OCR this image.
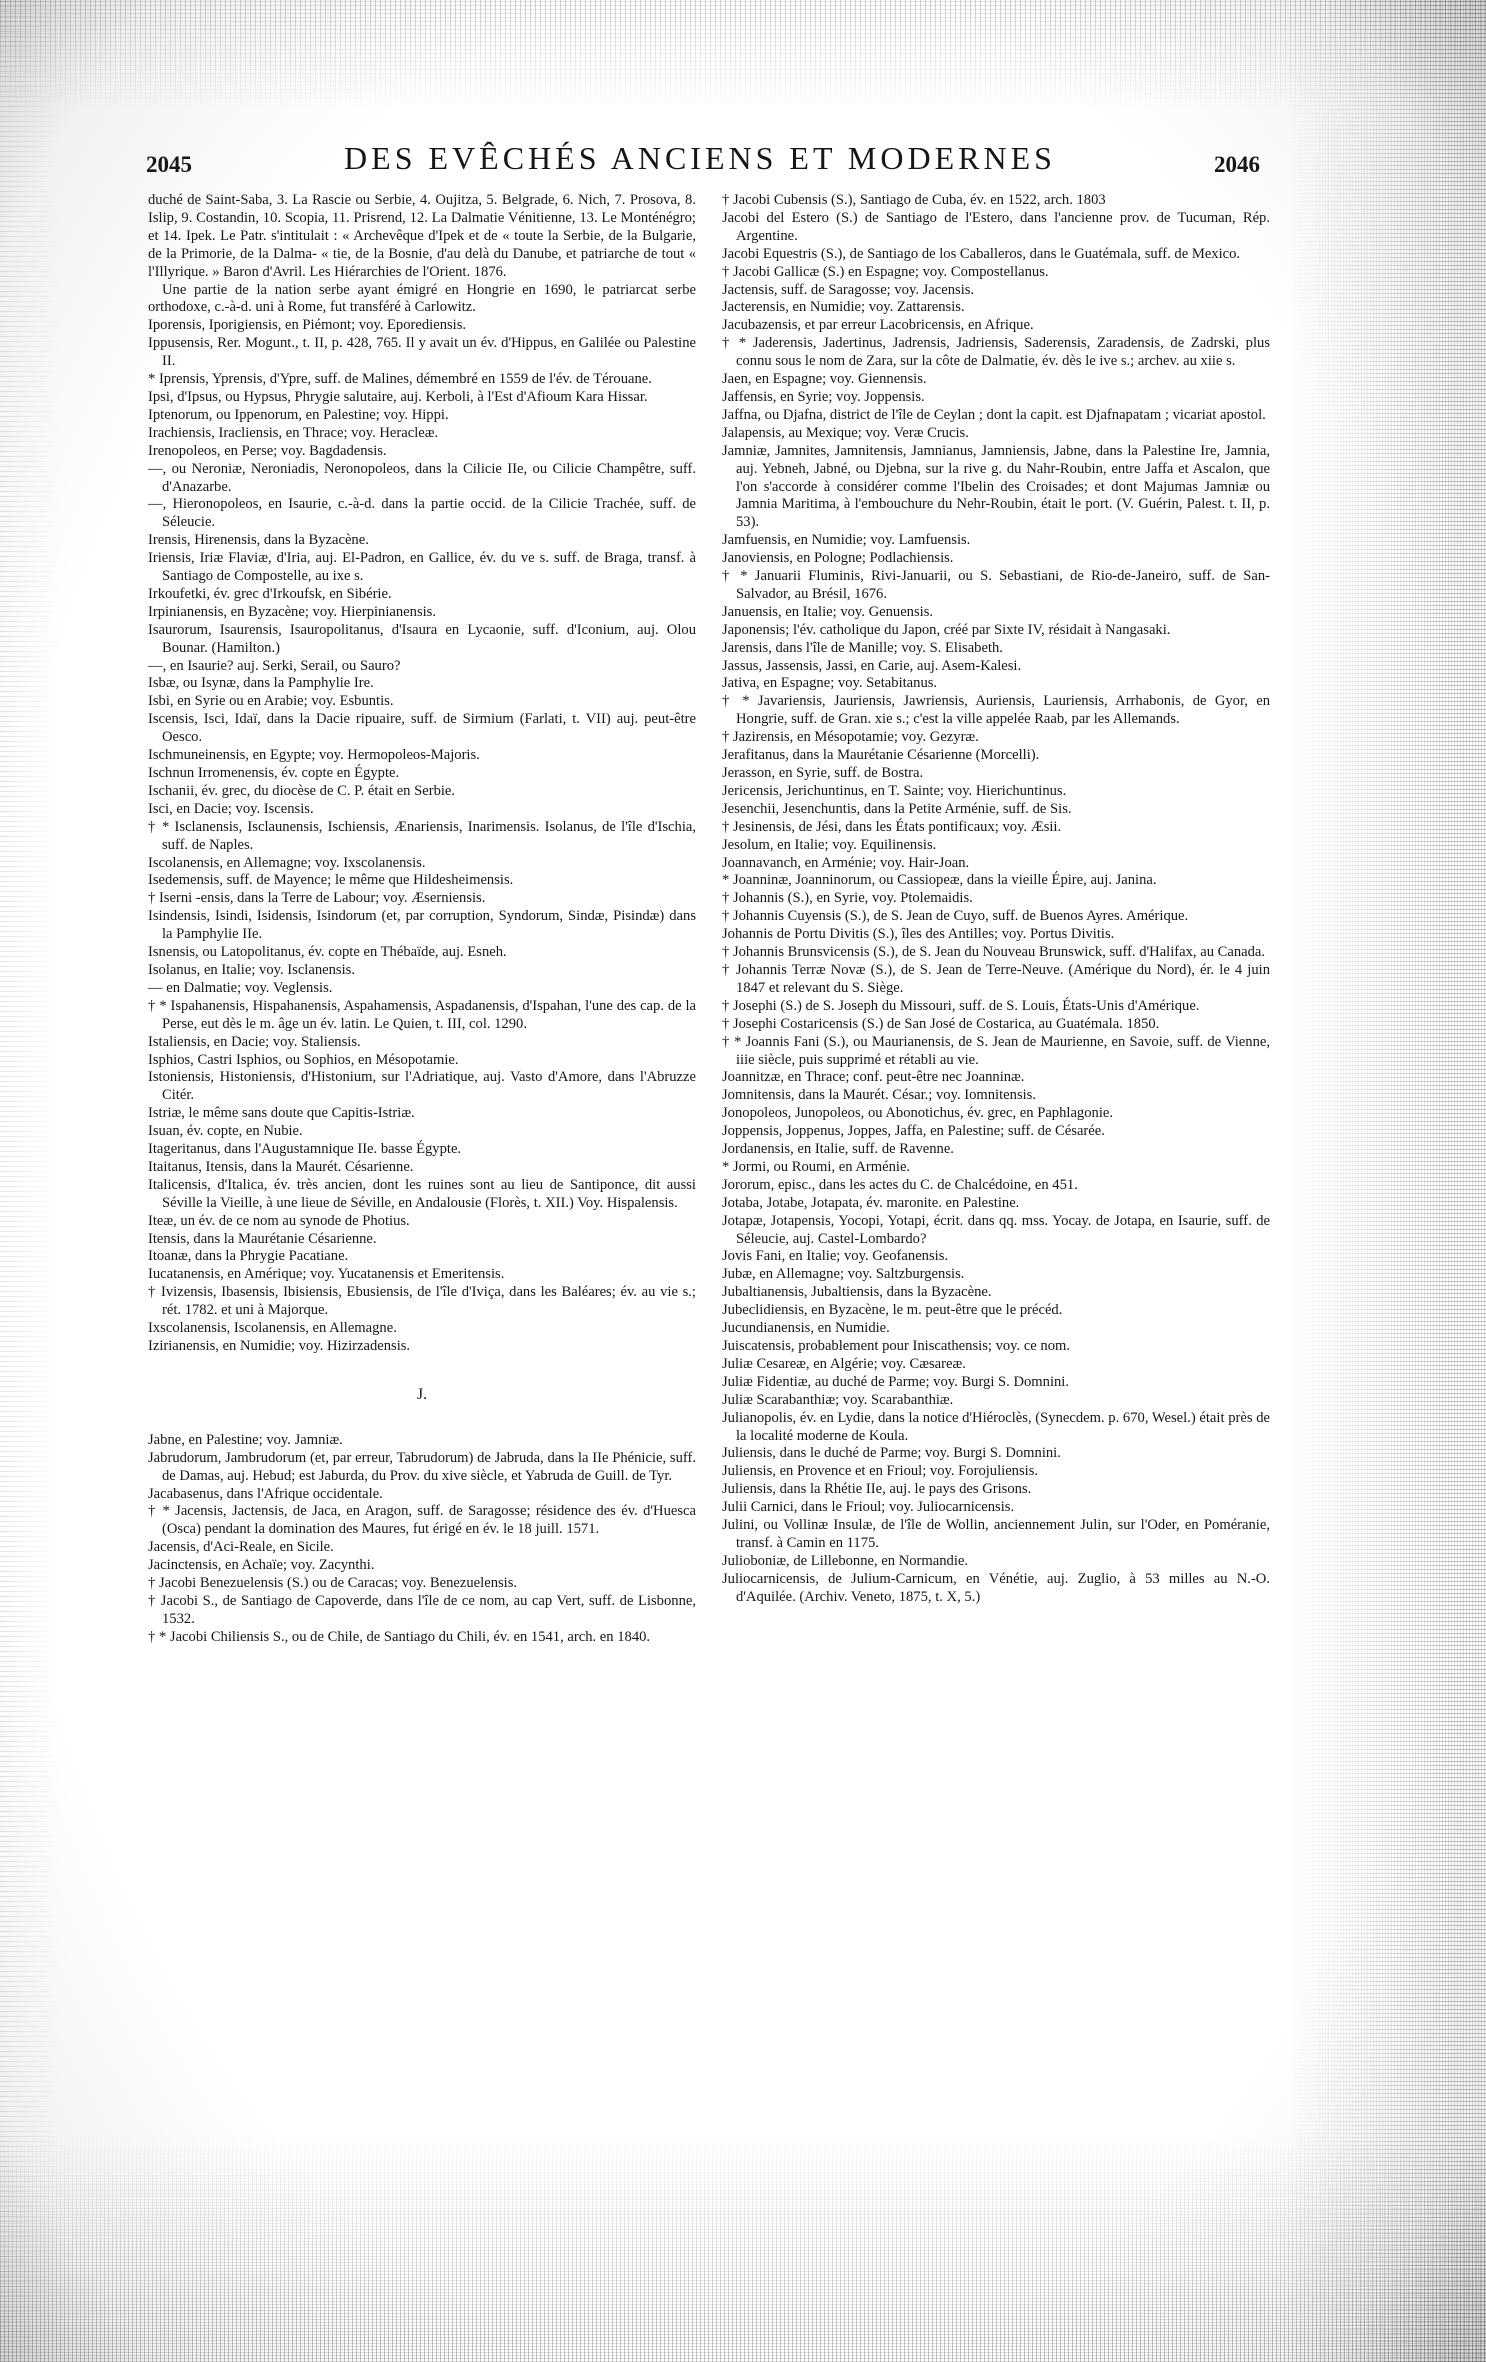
2045	DES EVÊCHÉS ANCIENS ET MODERNES	2046

duché de Saint-Saba, 3. La Rascie ou Serbie, 4. Oujitza, 5. Belgrade, 6. Nich, 7. Prosova, 8. Islip, 9. Costandin, 10. Scopia, 11. Prisrend, 12. La Dalmatie Vénitienne, 13. Le Monténégro; et 14. Ipek. Le Patr. s'intitulait : « Archevêque d'Ipek et de « toute la Serbie, de la Bulgarie, de la Primorie, de la Dalma- « tie, de la Bosnie, d'au delà du Danube, et patriarche de tout « l'Illyrique. » Baron d'Avril. Les Hiérarchies de l'Orient. 1876.

Une partie de la nation serbe ayant émigré en Hongrie en 1690, le patriarcat serbe orthodoxe, c.-à-d. uni à Rome, fut transféré à Carlowitz.

Iporensis, Iporigiensis, en Piémont; voy. Eporediensis.

Ippusensis, Rer. Mogunt., t. II, p. 428, 765. Il y avait un év. d'Hippus, en Galilée ou Palestine II.

* Iprensis, Yprensis, d'Ypre, suff. de Malines, démembré en 1559 de l'év. de Térouane.

Ipsi, d'Ipsus, ou Hypsus, Phrygie salutaire, auj. Kerboli, à l'Est d'Afioum Kara Hissar.

Iptenorum, ou Ippenorum, en Palestine; voy. Hippi.

Irachiensis, Iracliensis, en Thrace; voy. Heracleæ.

Irenopoleos, en Perse; voy. Bagdadensis.

—, ou Neroniæ, Neroniadis, Neronopoleos, dans la Cilicie IIe, ou Cilicie Champêtre, suff. d'Anazarbe.

—, Hieronopoleos, en Isaurie, c.-à-d. dans la partie occid. de la Cilicie Trachée, suff. de Séleucie.

Irensis, Hirenensis, dans la Byzacène.

Iriensis, Iriæ Flaviæ, d'Iria, auj. El-Padron, en Gallice, év. du ve s. suff. de Braga, transf. à Santiago de Compostelle, au ixe s.

Irkoufetki, év. grec d'Irkoufsk, en Sibérie.

Irpinianensis, en Byzacène; voy. Hierpinianensis.

Isaurorum, Isaurensis, Isauropolitanus, d'Isaura en Lycaonie, suff. d'Iconium, auj. Olou Bounar. (Hamilton.)

—, en Isaurie? auj. Serki, Serail, ou Sauro?

Isbæ, ou Isynæ, dans la Pamphylie Ire.

Isbi, en Syrie ou en Arabie; voy. Esbuntis.

Iscensis, Isci, Idaï, dans la Dacie ripuaire, suff. de Sirmium (Farlati, t. VII) auj. peut-être Oesco.

Ischmuneinensis, en Egypte; voy. Hermopoleos-Majoris.

Ischnun Irromenensis, év. copte en Égypte.

Ischanii, év. grec, du diocèse de C. P. était en Serbie.

Isci, en Dacie; voy. Iscensis.

† * Isclanensis, Isclaunensis, Ischiensis, Ænariensis, Inarimensis. Isolanus, de l'île d'Ischia, suff. de Naples.

Iscolanensis, en Allemagne; voy. Ixscolanensis.

Isedemensis, suff. de Mayence; le même que Hildesheimensis.

† Iserni -ensis, dans la Terre de Labour; voy. Æserniensis.

Isindensis, Isindi, Isidensis, Isindorum (et, par corruption, Syndorum, Sindæ, Pisindæ) dans la Pamphylie IIe.

Isnensis, ou Latopolitanus, év. copte en Thébaïde, auj. Esneh.

Isolanus, en Italie; voy. Isclanensis.

— en Dalmatie; voy. Veglensis.

† * Ispahanensis, Hispahanensis, Aspahamensis, Aspadanensis, d'Ispahan, l'une des cap. de la Perse, eut dès le m. âge un év. latin. Le Quien, t. III, col. 1290.

Istaliensis, en Dacie; voy. Staliensis.

Isphios, Castri Isphios, ou Sophios, en Mésopotamie.

Istoniensis, Histoniensis, d'Histonium, sur l'Adriatique, auj. Vasto d'Amore, dans l'Abruzze Citér.

Istriæ, le même sans doute que Capitis-Istriæ.

Isuan, év. copte, en Nubie.

Itageritanus, dans l'Augustamnique IIe. basse Égypte.

Itaitanus, Itensis, dans la Maurét. Césarienne.

Italicensis, d'Italica, év. très ancien, dont les ruines sont au lieu de Santiponce, dit aussi Séville la Vieille, à une lieue de Séville, en Andalousie (Florès, t. XII.) Voy. Hispalensis.

Iteæ, un év. de ce nom au synode de Photius.

Itensis, dans la Maurétanie Césarienne.

Itoanæ, dans la Phrygie Pacatiane.

Iucatanensis, en Amérique; voy. Yucatanensis et Emeritensis.

† Ivizensis, Ibasensis, Ibisiensis, Ebusiensis, de l'île d'Iviça, dans les Baléares; év. au vie s.; rét. 1782. et uni à Majorque.

Ixscolanensis, Iscolanensis, en Allemagne.

Izirianensis, en Numidie; voy. Hizirzadensis.

J.

Jabne, en Palestine; voy. Jamniæ.

Jabrudorum, Jambrudorum (et, par erreur, Tabrudorum) de Jabruda, dans la IIe Phénicie, suff. de Damas, auj. Hebud; est Jaburda, du Prov. du xive siècle, et Yabruda de Guill. de Tyr.

Jacabasenus, dans l'Afrique occidentale.

† * Jacensis, Jactensis, de Jaca, en Aragon, suff. de Saragosse; résidence des év. d'Huesca (Osca) pendant la domination des Maures, fut érigé en év. le 18 juill. 1571.

Jacensis, d'Aci-Reale, en Sicile.

Jacinctensis, en Achaïe; voy. Zacynthi.

† Jacobi Benezuelensis (S.) ou de Caracas; voy. Benezuelensis.

† Jacobi S., de Santiago de Capoverde, dans l'île de ce nom, au cap Vert, suff. de Lisbonne, 1532.

† * Jacobi Chiliensis S., ou de Chile, de Santiago du Chili, év. en 1541, arch. en 1840.

† Jacobi Cubensis (S.), Santiago de Cuba, év. en 1522, arch. 1803

Jacobi del Estero (S.) de Santiago de l'Estero, dans l'ancienne prov. de Tucuman, Rép. Argentine.

Jacobi Equestris (S.), de Santiago de los Caballeros, dans le Guatémala, suff. de Mexico.

† Jacobi Gallicæ (S.) en Espagne; voy. Compostellanus.

Jactensis, suff. de Saragosse; voy. Jacensis.

Jacterensis, en Numidie; voy. Zattarensis.

Jacubazensis, et par erreur Lacobricensis, en Afrique.

† * Jaderensis, Jadertinus, Jadrensis, Jadriensis, Saderensis, Zaradensis, de Zadrski, plus connu sous le nom de Zara, sur la côte de Dalmatie, év. dès le ive s.; archev. au xiie s.

Jaen, en Espagne; voy. Giennensis.

Jaffensis, en Syrie; voy. Joppensis.

Jaffna, ou Djafna, district de l'île de Ceylan ; dont la capit. est Djafnapatam ; vicariat apostol.

Jalapensis, au Mexique; voy. Veræ Crucis.

Jamniæ, Jamnites, Jamnitensis, Jamnianus, Jamniensis, Jabne, dans la Palestine Ire, Jamnia, auj. Yebneh, Jabné, ou Djebna, sur la rive g. du Nahr-Roubin, entre Jaffa et Ascalon, que l'on s'accorde à considérer comme l'Ibelin des Croisades; et dont Majumas Jamniæ ou Jamnia Maritima, à l'embouchure du Nehr-Roubin, était le port. (V. Guérin, Palest. t. II, p. 53).

Jamfuensis, en Numidie; voy. Lamfuensis.

Janoviensis, en Pologne; Podlachiensis.

† * Januarii Fluminis, Rivi-Januarii, ou S. Sebastiani, de Rio-de-Janeiro, suff. de San-Salvador, au Brésil, 1676.

Januensis, en Italie; voy. Genuensis.

Japonensis; l'év. catholique du Japon, créé par Sixte IV, résidait à Nangasaki.

Jarensis, dans l'île de Manille; voy. S. Elisabeth.

Jassus, Jassensis, Jassi, en Carie, auj. Asem-Kalesi.

Jativa, en Espagne; voy. Setabitanus.

† * Javariensis, Jauriensis, Jawriensis, Auriensis, Lauriensis, Arrhabonis, de Gyor, en Hongrie, suff. de Gran. xie s.; c'est la ville appelée Raab, par les Allemands.

† Jazirensis, en Mésopotamie; voy. Gezyræ.

Jerafitanus, dans la Maurétanie Césarienne (Morcelli).

Jerasson, en Syrie, suff. de Bostra.

Jericensis, Jerichuntinus, en T. Sainte; voy. Hierichuntinus.

Jesenchii, Jesenchuntis, dans la Petite Arménie, suff. de Sis.

† Jesinensis, de Jési, dans les États pontificaux; voy. Æsii.

Jesolum, en Italie; voy. Equilinensis.

Joannavanch, en Arménie; voy. Hair-Joan.

* Joanninæ, Joanninorum, ou Cassiopeæ, dans la vieille Épire, auj. Janina.

† Johannis (S.), en Syrie, voy. Ptolemaidis.

† Johannis Cuyensis (S.), de S. Jean de Cuyo, suff. de Buenos Ayres. Amérique.

Johannis de Portu Divitis (S.), îles des Antilles; voy. Portus Divitis.

† Johannis Brunsvicensis (S.), de S. Jean du Nouveau Brunswick, suff. d'Halifax, au Canada.

† Johannis Terræ Novæ (S.), de S. Jean de Terre-Neuve. (Amérique du Nord), ér. le 4 juin 1847 et relevant du S. Siège.

† Josephi (S.) de S. Joseph du Missouri, suff. de S. Louis, États-Unis d'Amérique.

† Josephi Costaricensis (S.) de San José de Costarica, au Guatémala. 1850.

† * Joannis Fani (S.), ou Maurianensis, de S. Jean de Maurienne, en Savoie, suff. de Vienne, iiie siècle, puis supprimé et rétabli au vie.

Joannitzæ, en Thrace; conf. peut-être nec Joanninæ.

Jomnitensis, dans la Maurét. César.; voy. Iomnitensis.

Jonopoleos, Junopoleos, ou Abonotichus, év. grec, en Paphlagonie.

Joppensis, Joppenus, Joppes, Jaffa, en Palestine; suff. de Césarée.

Jordanensis, en Italie, suff. de Ravenne.

* Jormi, ou Roumi, en Arménie.

Jororum, episc., dans les actes du C. de Chalcédoine, en 451.

Jotaba, Jotabe, Jotapata, év. maronite. en Palestine.

Jotapæ, Jotapensis, Yocopi, Yotapi, écrit. dans qq. mss. Yocay. de Jotapa, en Isaurie, suff. de Séleucie, auj. Castel-Lombardo?

Jovis Fani, en Italie; voy. Geofanensis.

Jubæ, en Allemagne; voy. Saltzburgensis.

Jubaltianensis, Jubaltiensis, dans la Byzacène.

Jubeclidiensis, en Byzacène, le m. peut-être que le précéd.

Jucundianensis, en Numidie.

Juiscatensis, probablement pour Iniscathensis; voy. ce nom.

Juliæ Cesareæ, en Algérie; voy. Cæsareæ.

Juliæ Fidentiæ, au duché de Parme; voy. Burgi S. Domnini.

Juliæ Scarabanthiæ; voy. Scarabanthiæ.

Julianopolis, év. en Lydie, dans la notice d'Hiéroclès, (Synecdem. p. 670, Wesel.) était près de la localité moderne de Koula.

Juliensis, dans le duché de Parme; voy. Burgi S. Domnini.

Juliensis, en Provence et en Frioul; voy. Forojuliensis.

Juliensis, dans la Rhétie IIe, auj. le pays des Grisons.

Julii Carnici, dans le Frioul; voy. Juliocarnicensis.

Julini, ou Vollinæ Insulæ, de l'île de Wollin, anciennement Julin, sur l'Oder, en Poméranie, transf. à Camin en 1175.

Julioboniæ, de Lillebonne, en Normandie.

Juliocarnicensis, de Julium-Carnicum, en Vénétie, auj. Zuglio, à 53 milles au N.-O. d'Aquilée. (Archiv. Veneto, 1875, t. X, 5.)
